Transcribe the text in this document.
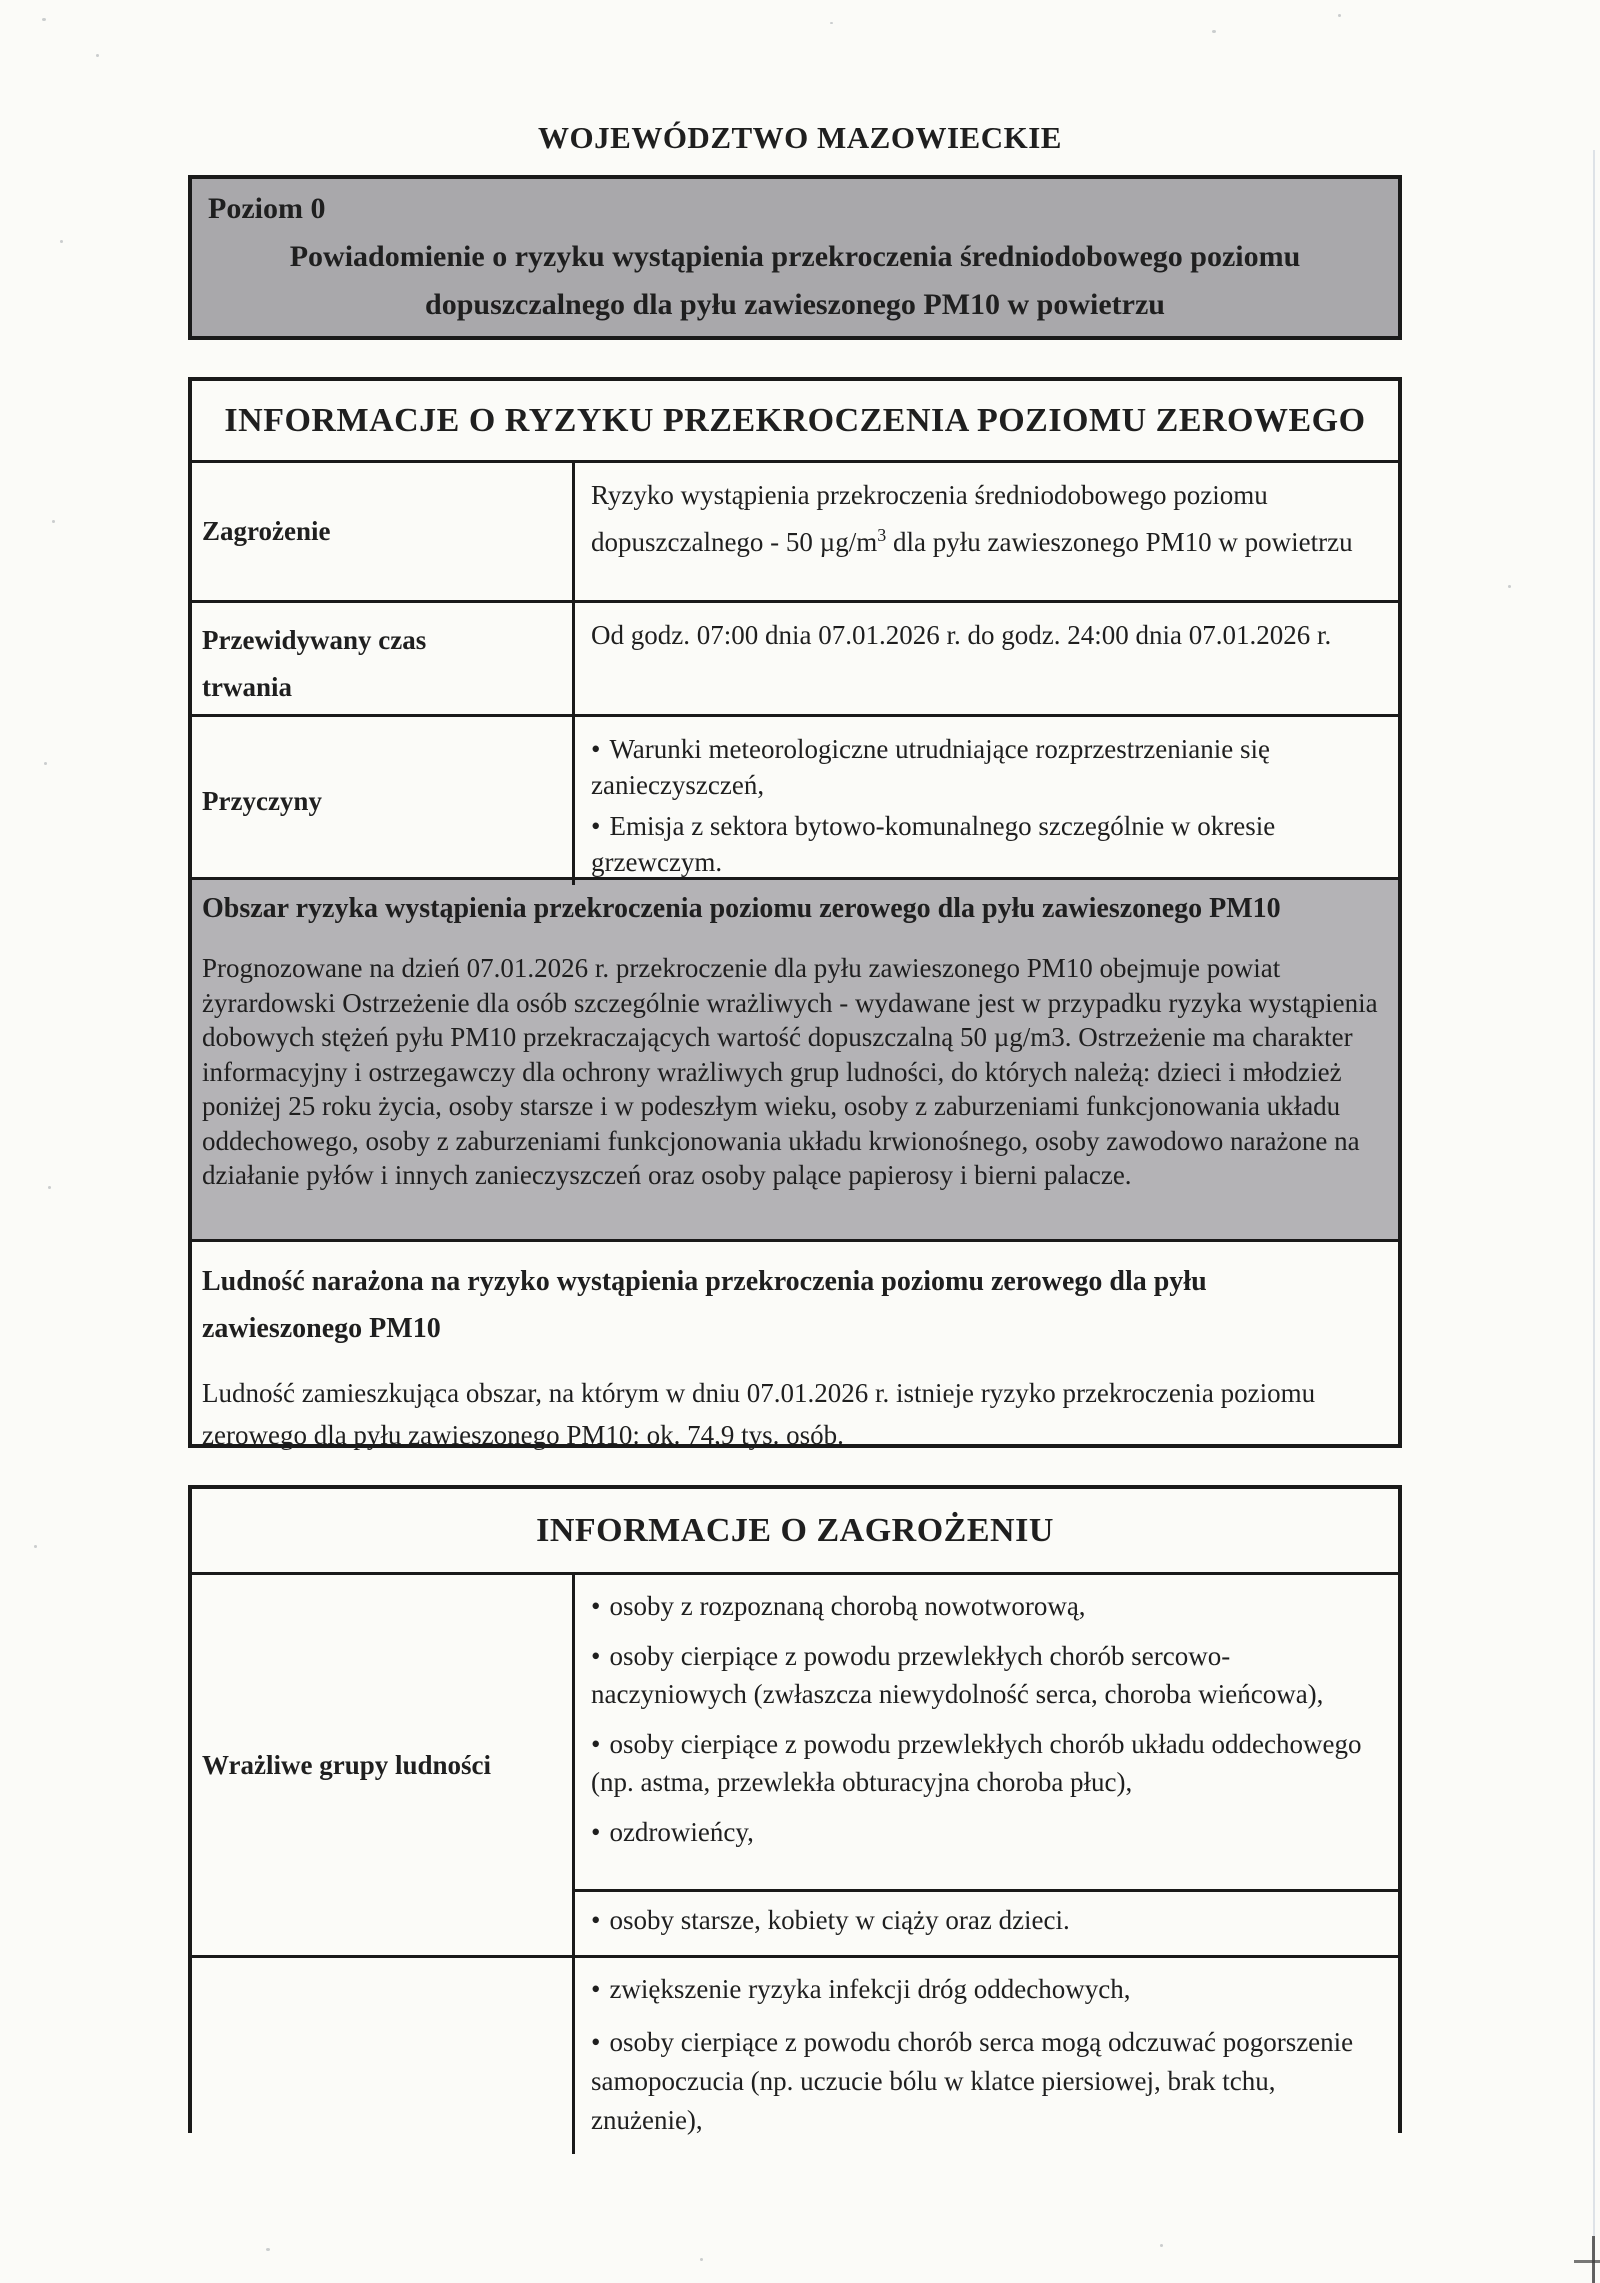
WOJEWÓDZTWO MAZOWIECKIE
Poziom 0
Powiadomienie o ryzyku wystąpienia przekroczenia średniodobowego poziomu
dopuszczalnego dla pyłu zawieszonego PM10 w powietrzu
INFORMACJE O RYZYKU PRZEKROCZENIA POZIOMU ZEROWEGO
Zagrożenie
Ryzyko wystąpienia przekroczenia średniodobowego poziomu dopuszczalnego - 50 $\mu g/m^3$ dla pyłu zawieszonego PM10 w powietrzu
Przewidywany czas trwania
Od godz. 07:00 dnia 07.01.2026 r. do godz. 24:00 dnia 07.01.2026 r.
Przyczyny

• Warunki meteorologiczne utrudniające rozprzestrzenianie się zanieczyszczeń,

• Emisja z sektora bytowo-komunalnego szczególnie w okresie grzewczym.

Obszar ryzyka wystąpienia przekroczenia poziomu zerowego dla pyłu zawieszonego PM10

Prognozowane na dzień 07.01.2026 r. przekroczenie dla pyłu zawieszonego PM10 obejmuje powiat żyrardowski Ostrzeżenie dla osób szczególnie wrażliwych - wydawane jest w przypadku ryzyka wystąpienia dobowych stężeń pyłu PM10 przekraczających wartość dopuszczalną 50 µg/m3. Ostrzeżenie ma charakter informacyjny i ostrzegawczy dla ochrony wrażliwych grup ludności, do których należą: dzieci i młodzież poniżej 25 roku życia, osoby starsze i w podeszłym wieku, osoby z zaburzeniami funkcjonowania układu oddechowego, osoby z zaburzeniami funkcjonowania układu krwionośnego, osoby zawodowo narażone na działanie pyłów i innych zanieczyszczeń oraz osoby palące papierosy i bierni palacze.

Ludność narażona na ryzyko wystąpienia przekroczenia poziomu zerowego dla pyłu zawieszonego PM10

Ludność zamieszkująca obszar, na którym w dniu 07.01.2026 r. istnieje ryzyko przekroczenia poziomu zerowego dla pyłu zawieszonego PM10: ok. 74,9 tys. osób.

INFORMACJE O ZAGROŻENIU
Wrażliwe grupy ludności

• osoby z rozpoznaną chorobą nowotworową,

• osoby cierpiące z powodu przewlekłych chorób sercowo-naczyniowych (zwłaszcza niewydolność serca, choroba wieńcowa),

• osoby cierpiące z powodu przewlekłych chorób układu oddechowego (np. astma, przewlekła obturacyjna choroba płuc),

• ozdrowieńcy,

• osoby starsze, kobiety w ciąży oraz dzieci.

• zwiększenie ryzyka infekcji dróg oddechowych,

• osoby cierpiące z powodu chorób serca mogą odczuwać pogorszenie samopoczucia (np. uczucie bólu w klatce piersiowej, brak tchu, znużenie),
